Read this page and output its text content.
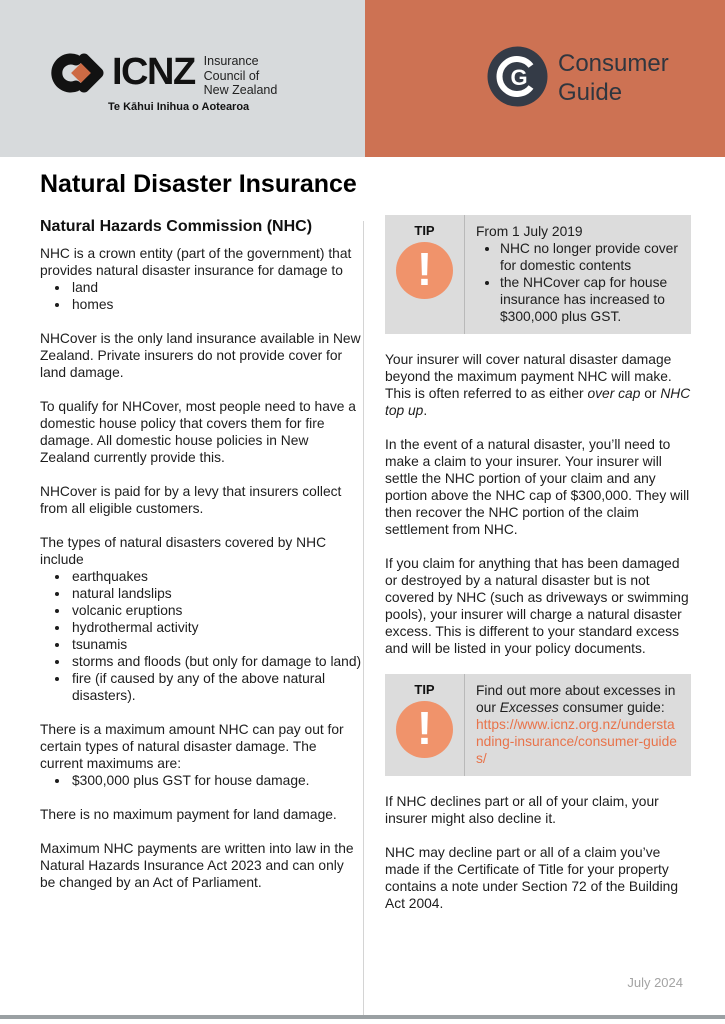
ICNZ Insurance
Council of
New Zealand
Te Kāhui Inihua o Aotearoa
G
Consumer
Guide
Natural Disaster Insurance
Natural Hazards Commission (NHC)

NHC is a crown entity (part of the government) that provides natural disaster insurance for damage to

• land
• homes

NHCover is the only land insurance available in New Zealand. Private insurers do not provide cover for land damage.

To qualify for NHCover, most people need to have a domestic house policy that covers them for fire damage. All domestic house policies in New Zealand currently provide this.

NHCover is paid for by a levy that insurers collect from all eligible customers.

The types of natural disasters covered by NHC include

• earthquakes
• natural landslips
• volcanic eruptions
• hydrothermal activity
• tsunamis
• storms and floods (but only for damage to land)
• fire (if caused by any of the above natural disasters).

There is a maximum amount NHC can pay out for certain types of natural disaster damage. The current maximums are:

• $300,000 plus GST for house damage.

There is no maximum payment for land damage.

Maximum NHC payments are written into law in the Natural Hazards Insurance Act 2023 and can only be changed by an Act of Parliament.

TIP
!
From 1 July 2019
• NHC no longer provide cover for domestic contents
• the NHCover cap for house insurance has increased to $300,000 plus GST.

Your insurer will cover natural disaster damage beyond the maximum payment NHC will make. This is often referred to as either over cap or NHC top up.

In the event of a natural disaster, you’ll need to make a claim to your insurer. Your insurer will settle the NHC portion of your claim and any portion above the NHC cap of $300,000. They will then recover the NHC portion of the claim settlement from NHC.

If you claim for anything that has been damaged or destroyed by a natural disaster but is not covered by NHC (such as driveways or swimming pools), your insurer will charge a natural disaster excess. This is different to your standard excess and will be listed in your policy documents.

TIP
!
Find out more about excesses in our Excesses consumer guide:
https://www.icnz.org.nz/understanding-insurance/consumer-guides/

If NHC declines part or all of your claim, your insurer might also decline it.

NHC may decline part or all of a claim you’ve made if the Certificate of Title for your property contains a note under Section 72 of the Building Act 2004.

July 2024
